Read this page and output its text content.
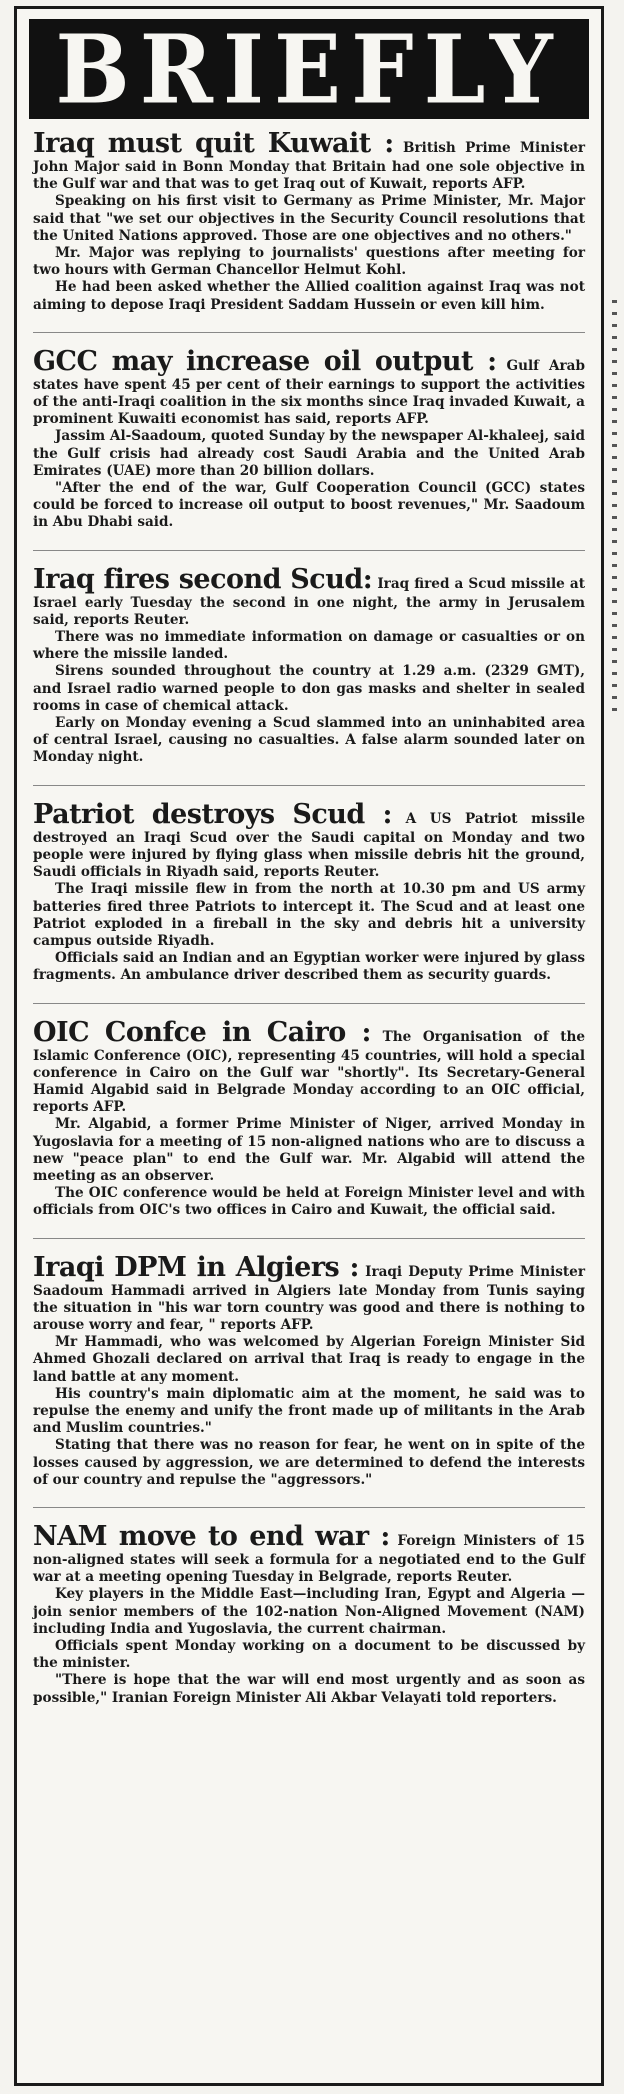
BRIEFLY

Iraq must quit Kuwait : British Prime Minister John Major said in Bonn Monday that Britain had one sole objective in the Gulf war and that was to get Iraq out of Kuwait, reports AFP.

Speaking on his first visit to Germany as Prime Minister, Mr. Major said that "we set our objectives in the Security Council resolutions that the United Nations approved. Those are one objectives and no others."

Mr. Major was replying to journalists' questions after meeting for two hours with German Chancellor Helmut Kohl.

He had been asked whether the Allied coalition against Iraq was not aiming to depose Iraqi President Saddam Hussein or even kill him.

GCC may increase oil output : Gulf Arab states have spent 45 per cent of their earnings to support the activities of the anti-Iraqi coalition in the six months since Iraq invaded Kuwait, a prominent Kuwaiti economist has said, reports AFP.

Jassim Al-Saadoum, quoted Sunday by the newspaper Al-khaleej, said the Gulf crisis had already cost Saudi Arabia and the United Arab Emirates (UAE) more than 20 billion dollars.

"After the end of the war, Gulf Cooperation Council (GCC) states could be forced to increase oil output to boost revenues," Mr. Saadoum in Abu Dhabi said.

Iraq fires second Scud: Iraq fired a Scud missile at Israel early Tuesday the second in one night, the army in Jerusalem said, reports Reuter.

There was no immediate information on damage or casualties or on where the missile landed.

Sirens sounded throughout the country at 1.29 a.m. (2329 GMT), and Israel radio warned people to don gas masks and shelter in sealed rooms in case of chemical attack.

Early on Monday evening a Scud slammed into an uninhabited area of central Israel, causing no casualties. A false alarm sounded later on Monday night.

Patriot destroys Scud : A US Patriot missile destroyed an Iraqi Scud over the Saudi capital on Monday and two people were injured by flying glass when missile debris hit the ground, Saudi officials in Riyadh said, reports Reuter.

The Iraqi missile flew in from the north at 10.30 pm and US army batteries fired three Patriots to intercept it. The Scud and at least one Patriot exploded in a fireball in the sky and debris hit a university campus outside Riyadh.

Officials said an Indian and an Egyptian worker were injured by glass fragments. An ambulance driver described them as security guards.

OIC Confce in Cairo : The Organisation of the Islamic Conference (OIC), representing 45 countries, will hold a special conference in Cairo on the Gulf war "shortly". Its Secretary-General Hamid Algabid said in Belgrade Monday according to an OIC official, reports AFP.

Mr. Algabid, a former Prime Minister of Niger, arrived Monday in Yugoslavia for a meeting of 15 non-aligned nations who are to discuss a new "peace plan" to end the Gulf war. Mr. Algabid will attend the meeting as an observer.

The OIC conference would be held at Foreign Minister level and with officials from OIC's two offices in Cairo and Kuwait, the official said.

Iraqi DPM in Algiers : Iraqi Deputy Prime Minister Saadoum Hammadi arrived in Algiers late Monday from Tunis saying the situation in "his war torn country was good and there is nothing to arouse worry and fear, " reports AFP.

Mr Hammadi, who was welcomed by Algerian Foreign Minister Sid Ahmed Ghozali declared on arrival that Iraq is ready to engage in the land battle at any moment.

His country's main diplomatic aim at the moment, he said was to repulse the enemy and unify the front made up of militants in the Arab and Muslim countries."

Stating that there was no reason for fear, he went on in spite of the losses caused by aggression, we are determined to defend the interests of our country and repulse the "aggressors."

NAM move to end war : Foreign Ministers of 15 non-aligned states will seek a formula for a negotiated end to the Gulf war at a meeting opening Tuesday in Belgrade, reports Reuter.

Key players in the Middle East—including Iran, Egypt and Algeria —join senior members of the 102-nation Non-Aligned Movement (NAM) including India and Yugoslavia, the current chairman.

Officials spent Monday working on a document to be discussed by the minister.

"There is hope that the war will end most urgently and as soon as possible," Iranian Foreign Minister Ali Akbar Velayati told reporters.
